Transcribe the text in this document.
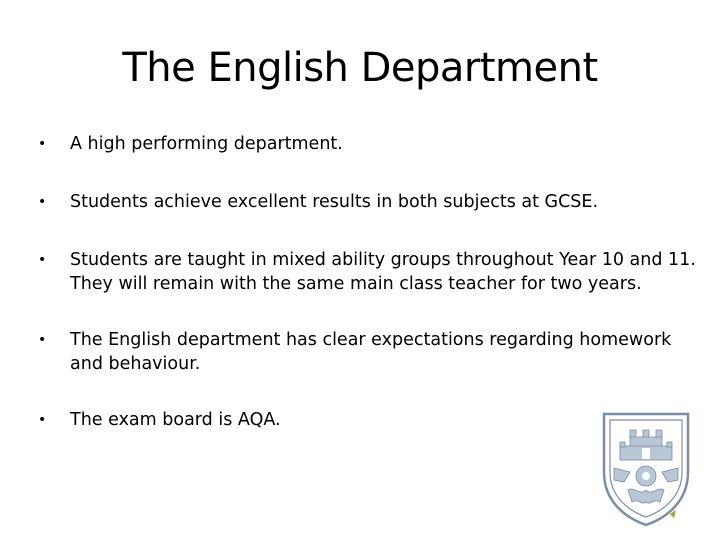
The English Department
•	A high performing department.
•	Students achieve excellent results in both subjects at GCSE.
•	Students are taught in mixed ability groups throughout Year 10 and 11. They will remain with the same main class teacher for two years.
•	The English department has clear expectations regarding homework and behaviour.
•	The exam board is AQA.
